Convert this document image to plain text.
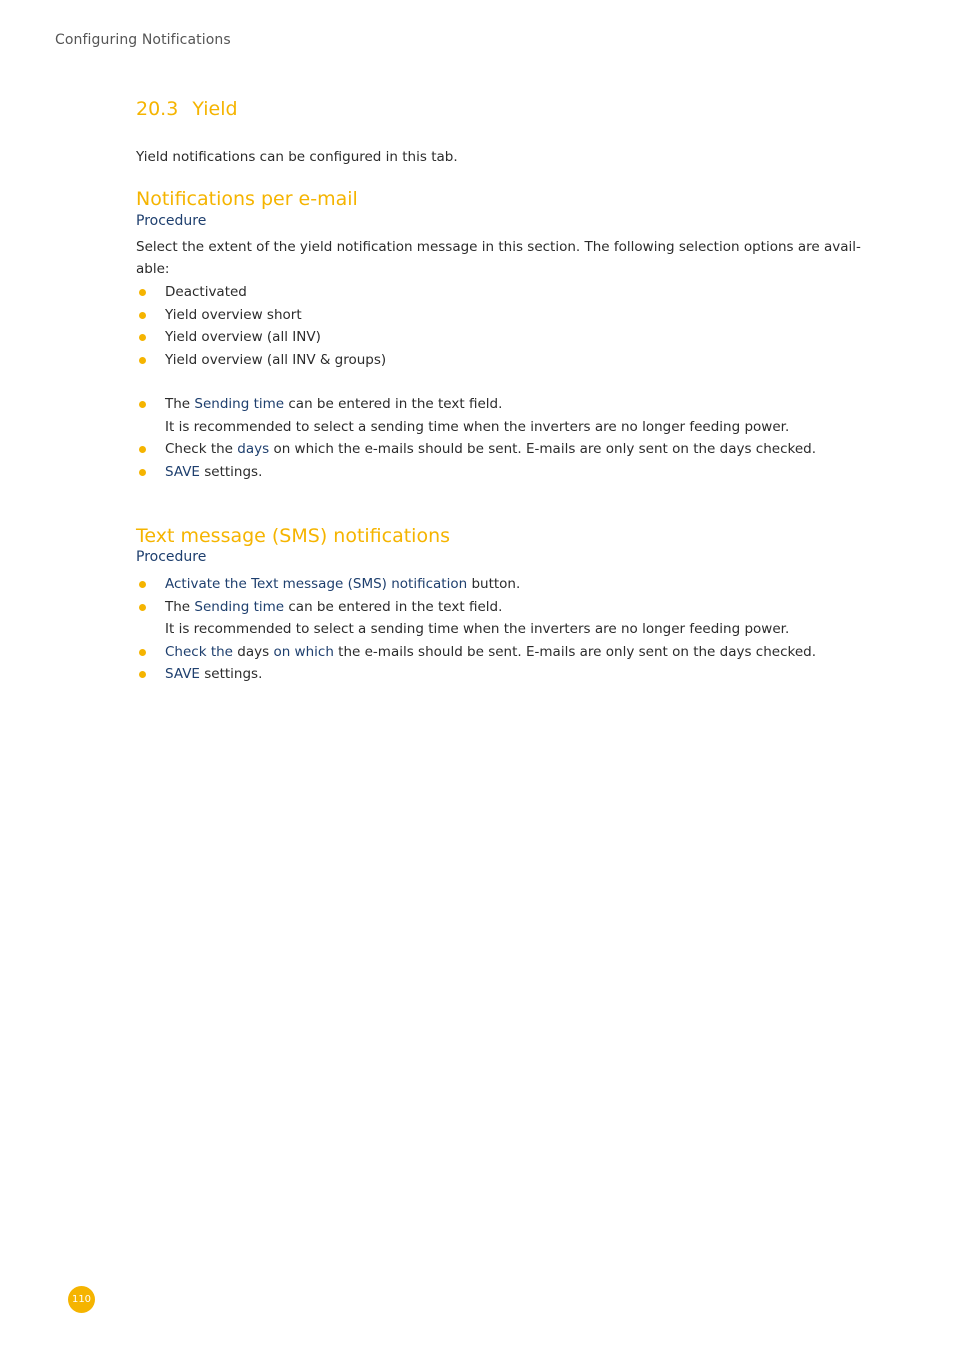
Configuring Notifications
20.3 Yield

Yield notifications can be configured in this tab.

Notifications per e-mail

Procedure

Select the extent of the yield notification message in this section. The following selection options are avail-
able:

Deactivated
Yield overview short
Yield overview (all INV)
Yield overview (all INV & groups)
The Sending time can be entered in the text field.
It is recommended to select a sending time when the inverters are no longer feeding power.
Check the days on which the e-mails should be sent. E-mails are only sent on the days checked.
SAVE settings.
Text message (SMS) notifications

Procedure

Activate the Text message (SMS) notification button.
The Sending time can be entered in the text field.
It is recommended to select a sending time when the inverters are no longer feeding power.
Check the days on which the e-mails should be sent. E-mails are only sent on the days checked.
SAVE settings.
110
